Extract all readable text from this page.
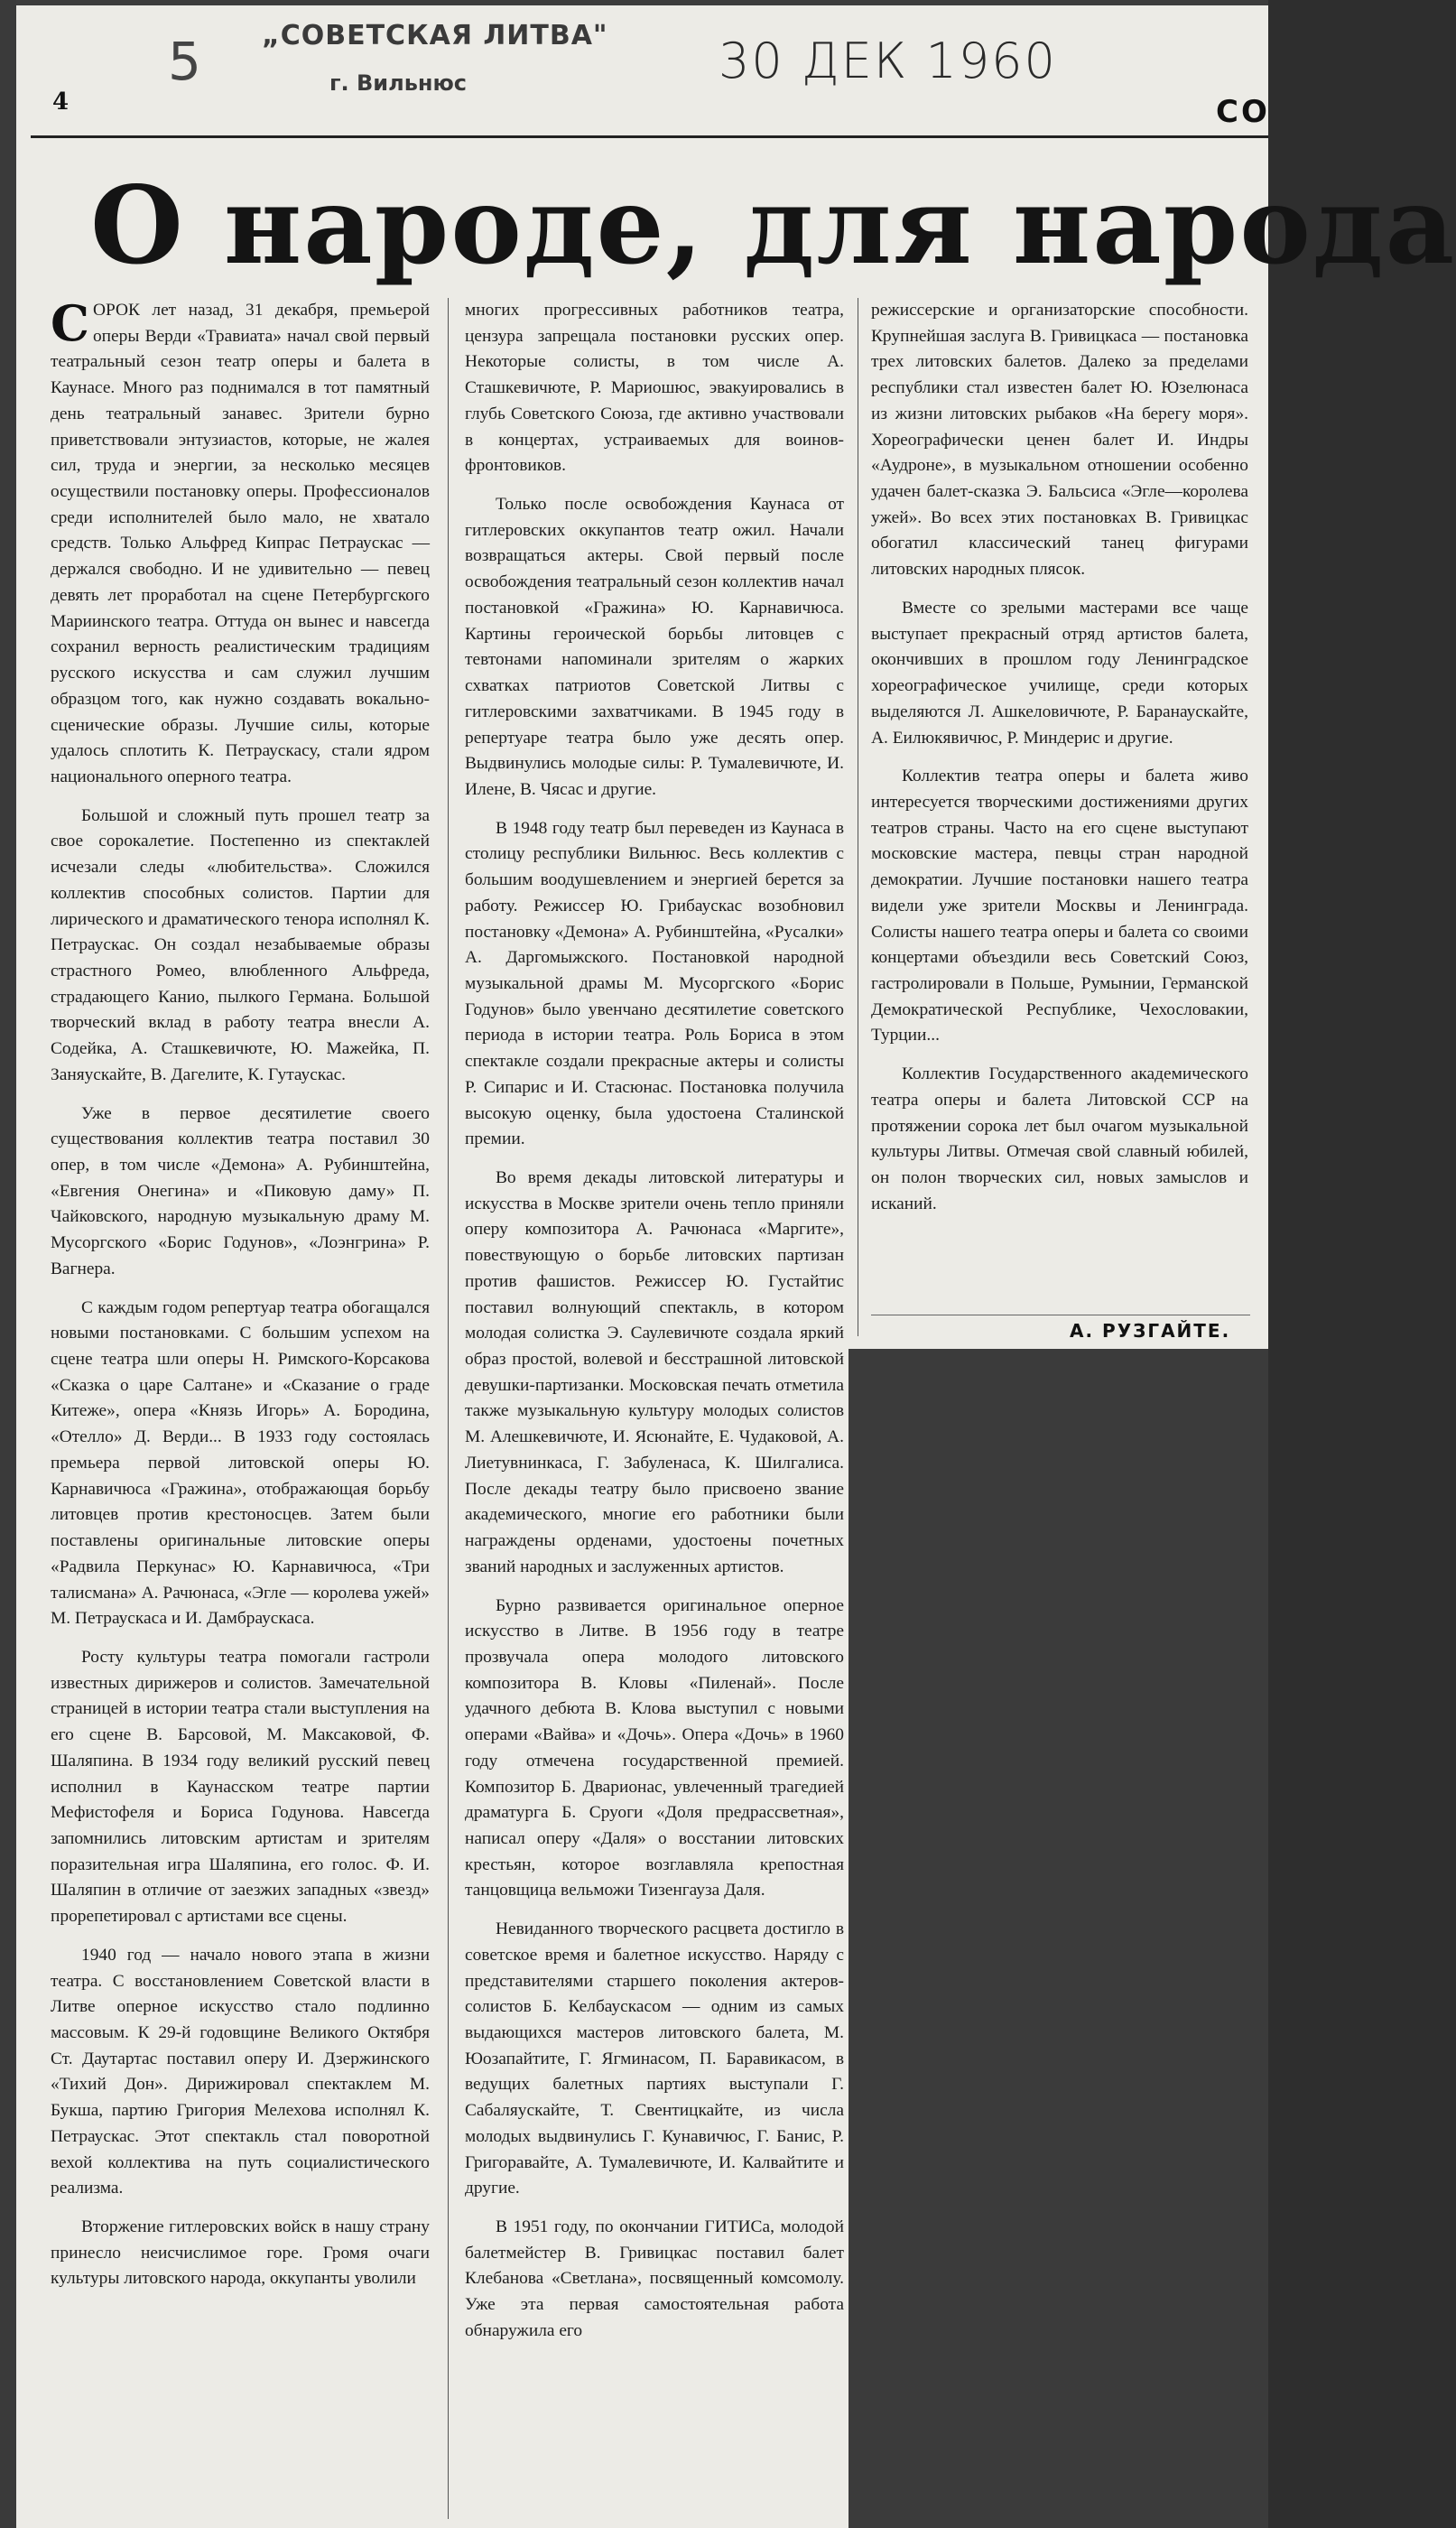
5 „СОВЕТСКАЯ ЛИТВА"
г. Вильнюс	30 ДЕК 1960
4	СО
О народе, для народа

СОРОК лет назад, 31 декабря, премьерой оперы Верди «Травиата» начал свой первый театральный сезон театр оперы и балета в Каунасе. Много раз поднимался в тот памятный день театральный занавес. Зрители бурно приветствовали энтузиастов, которые, не жалея сил, труда и энергии, за несколько месяцев осуществили постановку оперы. Профессионалов среди исполнителей было мало, не хватало средств. Только Альфред Кипрас Петраускас — держался свободно. И не удивительно — певец девять лет проработал на сцене Петербургского Мариинского театра. Оттуда он вынес и навсегда сохранил верность реалистическим традициям русского искусства и сам служил лучшим образцом того, как нужно создавать вокально-сценические образы. Лучшие силы, которые удалось сплотить К. Петраускасу, стали ядром национального оперного театра.

Большой и сложный путь прошел театр за свое сорокалетие. Постепенно из спектаклей исчезали следы «любительства». Сложился коллектив способных солистов. Партии для лирического и драматического тенора исполнял К. Петраускас. Он создал незабываемые образы страстного Ромео, влюбленного Альфреда, страдающего Канио, пылкого Германа. Большой творческий вклад в работу театра внесли А. Содейка, А. Сташкевичюте, Ю. Мажейка, П. Заняускайте, В. Дагелите, К. Гутаускас.

Уже в первое десятилетие своего существования коллектив театра поставил 30 опер, в том числе «Демона» А. Рубинштейна, «Евгения Онегина» и «Пиковую даму» П. Чайковского, народную музыкальную драму М. Мусоргского «Борис Годунов», «Лоэнгрина» Р. Вагнера.

С каждым годом репертуар театра обогащался новыми постановками. С большим успехом на сцене театра шли оперы Н. Римского-Корсакова «Сказка о царе Салтане» и «Сказание о граде Китеже», опера «Князь Игорь» А. Бородина, «Отелло» Д. Верди... В 1933 году состоялась премьера первой литовской оперы Ю. Карнавичюса «Гражина», отображающая борьбу литовцев против крестоносцев. Затем были поставлены оригинальные литовские оперы «Радвила Перкунас» Ю. Карнавичюса, «Три талисмана» А. Рачюнаса, «Эгле — королева ужей» М. Петраускаса и И. Дамбраускаса.

Росту культуры театра помогали гастроли известных дирижеров и солистов. Замечательной страницей в истории театра стали выступления на его сцене В. Барсовой, М. Максаковой, Ф. Шаляпина. В 1934 году великий русский певец исполнил в Каунасском театре партии Мефистофеля и Бориса Годунова. Навсегда запомнились литовским артистам и зрителям поразительная игра Шаляпина, его голос. Ф. И. Шаляпин в отличие от заезжих западных «звезд» прорепетировал с артистами все сцены.

1940 год — начало нового этапа в жизни театра. С восстановлением Советской власти в Литве оперное искусство стало подлинно массовым. К 29-й годовщине Великого Октября Ст. Даутартас поставил оперу И. Дзержинского «Тихий Дон». Дирижировал спектаклем М. Букша, партию Григория Мелехова исполнял К. Петраускас. Этот спектакль стал поворотной вехой коллектива на путь социалистического реализма.

Вторжение гитлеровских войск в нашу страну принесло неисчислимое горе. Громя очаги культуры литовского народа, оккупанты уволили

многих прогрессивных работников театра, цензура запрещала постановки русских опер. Некоторые солисты, в том числе А. Сташкевичюте, Р. Мариошюс, эвакуировались в глубь Советского Союза, где активно участвовали в концертах, устраиваемых для воинов-фронтовиков.

Только после освобождения Каунаса от гитлеровских оккупантов театр ожил. Начали возвращаться актеры. Свой первый после освобождения театральный сезон коллектив начал постановкой «Гражина» Ю. Карнавичюса. Картины героической борьбы литовцев с тевтонами напоминали зрителям о жарких схватках патриотов Советской Литвы с гитлеровскими захватчиками. В 1945 году в репертуаре театра было уже десять опер. Выдвинулись молодые силы: Р. Тумалевичюте, И. Илене, В. Чясас и другие.

В 1948 году театр был переведен из Каунаса в столицу республики Вильнюс. Весь коллектив с большим воодушевлением и энергией берется за работу. Режиссер Ю. Грибаускас возобновил постановку «Демона» А. Рубинштейна, «Русалки» А. Даргомыжского. Постановкой народной музыкальной драмы М. Мусоргского «Борис Годунов» было увенчано десятилетие советского периода в истории театра. Роль Бориса в этом спектакле создали прекрасные актеры и солисты Р. Сипарис и И. Стасюнас. Постановка получила высокую оценку, была удостоена Сталинской премии.

Во время декады литовской литературы и искусства в Москве зрители очень тепло приняли оперу композитора А. Рачюнаса «Маргите», повествующую о борьбе литовских партизан против фашистов. Режиссер Ю. Густайтис поставил волнующий спектакль, в котором молодая солистка Э. Саулевичюте создала яркий образ простой, волевой и бесстрашной литовской девушки-партизанки. Московская печать отметила также музыкальную культуру молодых солистов М. Алешкевичюте, И. Ясюнайте, Е. Чудаковой, А. Лиетувнинкаса, Г. Забуленаса, К. Шилгалиса. После декады театру было присвоено звание академического, многие его работники были награждены орденами, удостоены почетных званий народных и заслуженных артистов.

Бурно развивается оригинальное оперное искусство в Литве. В 1956 году в театре прозвучала опера молодого литовского композитора В. Кловы «Пиленай». После удачного дебюта В. Клова выступил с новыми операми «Вайва» и «Дочь». Опера «Дочь» в 1960 году отмечена государственной премией. Композитор Б. Дварионас, увлеченный трагедией драматурга Б. Сруоги «Доля предрассветная», написал оперу «Даля» о восстании литовских крестьян, которое возглавляла крепостная танцовщица вельможи Тизенгауза Даля.

Невиданного творческого расцвета достигло в советское время и балетное искусство. Наряду с представителями старшего поколения актеров-солистов Б. Келбаускасом — одним из самых выдающихся мастеров литовского балета, М. Юозапайтите, Г. Ягминасом, П. Баравикасом, в ведущих балетных партиях выступали Г. Сабаляускайте, Т. Свентицкайте, из числа молодых выдвинулись Г. Кунавичюс, Г. Банис, Р. Григоравайте, А. Тумалевичюте, И. Калвайтите и другие.

В 1951 году, по окончании ГИТИСа, молодой балетмейстер В. Гривицкас поставил балет Клебанова «Светлана», посвященный комсомолу. Уже эта первая самостоятельная работа обнаружила его

режиссерские и организаторские способности. Крупнейшая заслуга В. Гривицкаса — постановка трех литовских балетов. Далеко за пределами республики стал известен балет Ю. Юзелюнаса из жизни литовских рыбаков «На берегу моря». Хореографически ценен балет И. Индры «Аудроне», в музыкальном отношении особенно удачен балет-сказка Э. Бальсиса «Эгле—королева ужей». Во всех этих постановках В. Гривицкас обогатил классический танец фигурами литовских народных плясок.

Вместе со зрелыми мастерами все чаще выступает прекрасный отряд артистов балета, окончивших в прошлом году Ленинградское хореографическое училище, среди которых выделяются Л. Ашкеловичюте, Р. Баранаускайте, А. Еилюкявичюс, Р. Миндерис и другие.

Коллектив театра оперы и балета живо интересуется творческими достижениями других театров страны. Часто на его сцене выступают московские мастера, певцы стран народной демократии. Лучшие постановки нашего театра видели уже зрители Москвы и Ленинграда. Солисты нашего театра оперы и балета со своими концертами объездили весь Советский Союз, гастролировали в Польше, Румынии, Германской Демократической Республике, Чехословакии, Турции...

Коллектив Государственного академического театра оперы и балета Литовской ССР на протяжении сорока лет был очагом музыкальной культуры Литвы. Отмечая свой славный юбилей, он полон творческих сил, новых замыслов и исканий.

А. РУЗГАЙТЕ.
